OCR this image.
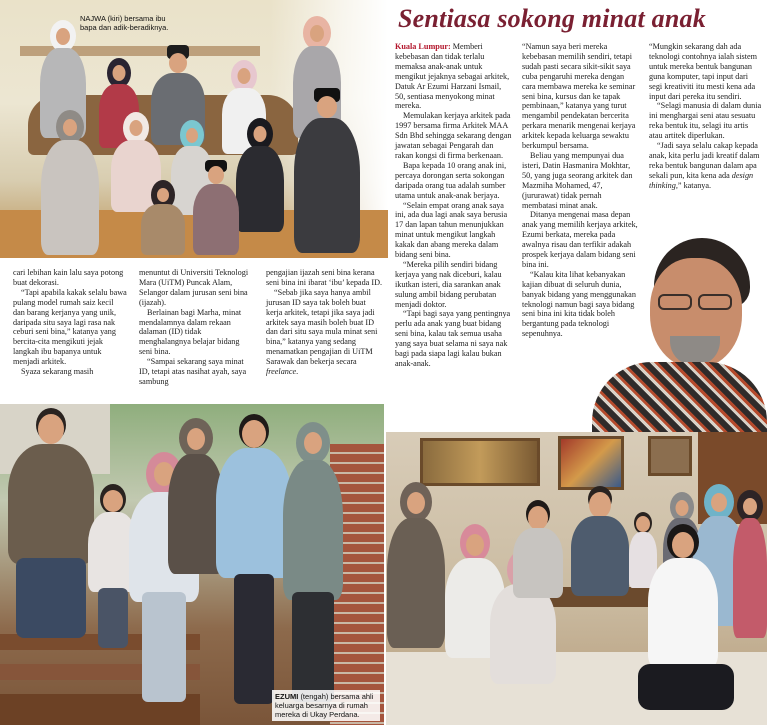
Sentiasa sokong minat anak
NAJWA (kiri) bersama ibu bapa dan adik-beradiknya.

cari lebihan kain lalu saya potong buat dekorasi.

“Tapi apabila kakak selalu bawa pulang model rumah saiz kecil dan barang kerjanya yang unik, daripada situ saya lagi rasa nak ceburi seni bina,” katanya yang bercita-cita mengikuti jejak langkah ibu bapanya untuk menjadi arkitek.

Syaza sekarang masih

menuntut di Universiti Teknologi Mara (UiTM) Puncak Alam, Selangor dalam jurusan seni bina (ijazah).

Berlainan bagi Marha, minat mendalamnya dalam rekaan dalaman (ID) tidak menghalangnya belajar bidang seni bina.

“Sampai sekarang saya minat ID, tetapi atas nasihat ayah, saya sambung

pengajian ijazah seni bina kerana seni bina ini ibarat ‘ibu’ kepada ID.

“Sebab jika saya hanya ambil jurusan ID saya tak boleh buat kerja arkitek, tetapi jika saya jadi arkitek saya masih boleh buat ID dan dari situ saya mula minat seni bina,” katanya yang sedang menamatkan pengajian di UiTM Sarawak dan bekerja secara freelance.

Kuala Lumpur: Memberi kebebasan dan tidak terlalu memaksa anak-anak untuk mengikut jejaknya sebagai arkitek, Datuk Ar Ezumi Harzani Ismail, 50, sentiasa menyokong minat mereka.

Memulakan kerjaya arkitek pada 1997 bersama firma Arkitek MAA Sdn Bhd sehingga sekarang dengan jawatan sebagai Pengarah dan rakan kongsi di firma berkenaan.

Bapa kepada 10 orang anak ini, percaya dorongan serta sokongan daripada orang tua adalah sumber utama untuk anak-anak berjaya.

“Selain empat orang anak saya ini, ada dua lagi anak saya berusia 17 dan lapan tahun menunjukkan minat untuk mengikut langkah kakak dan abang mereka dalam bidang seni bina.

“Mereka pilih sendiri bidang kerjaya yang nak diceburi, kalau ikutkan isteri, dia sarankan anak sulung ambil bidang perubatan menjadi doktor.

“Tapi bagi saya yang pentingnya perlu ada anak yang buat bidang seni bina, kalau tak semua usaha yang saya buat selama ni saya nak bagi pada siapa lagi kalau bukan anak-anak.

“Namun saya beri mereka kebebasan memilih sendiri, tetapi sudah pasti secara sikit-sikit saya cuba pengaruhi mereka dengan cara membawa mereka ke seminar seni bina, kursus dan ke tapak pembinaan,” katanya yang turut mengambil pendekatan bercerita perkara menarik mengenai kerjaya arkitek kepada keluarga sewaktu berkumpul bersama.

Beliau yang mempunyai dua isteri, Datin Hasmanira Mokhtar, 50, yang juga seorang arkitek dan Mazmiha Mohamed, 47, (jururawat) tidak pernah membatasi minat anak.

Ditanya mengenai masa depan anak yang memilih kerjaya arkitek, Ezumi berkata, mereka pada awalnya risau dan terfikir adakah prospek kerjaya dalam bidang seni bina ini.

“Kalau kita lihat kebanyakan kajian dibuat di seluruh dunia, banyak bidang yang menggunakan teknologi namun bagi saya bidang seni bina ini kita tidak boleh bergantung pada teknologi sepenuhnya.

“Mungkin sekarang dah ada teknologi contohnya ialah sistem untuk mereka bentuk bangunan guna komputer, tapi input dari segi kreativiti itu mesti kena ada input dari pereka itu sendiri.

“Selagi manusia di dalam dunia ini menghargai seni atau sesuatu reka bentuk itu, selagi itu artis atau artitek diperlukan.

“Jadi saya selalu cakap kepada anak, kita perlu jadi kreatif dalam reka bentuk bangunan dalam apa sekali pun, kita kena ada design thinking,” katanya.

EZUMI (tengah) bersama ahli keluarga besarnya di rumah mereka di Ukay Perdana.
